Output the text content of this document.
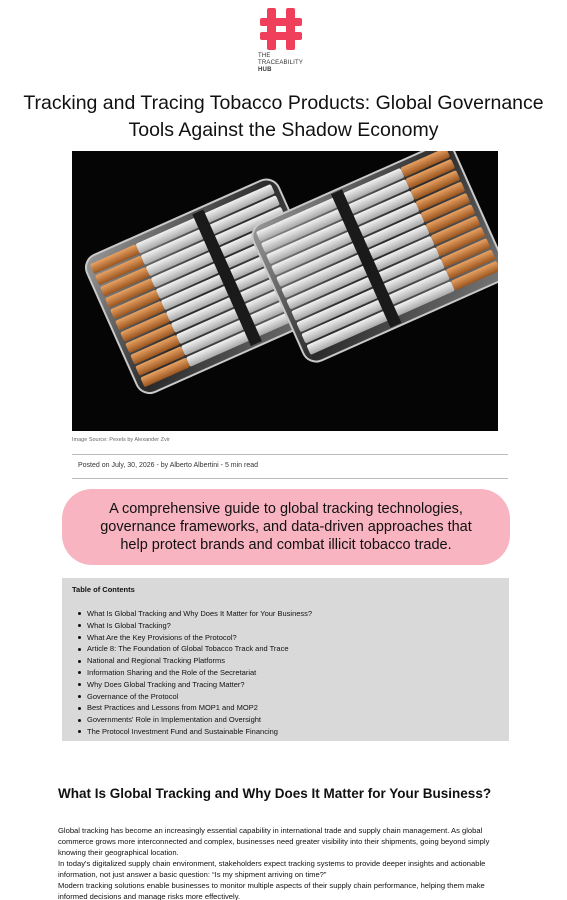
THE
TRACEABILITY
HUB
Tracking and Tracing Tobacco Products: Global Governance Tools Against the Shadow Economy
Image Source: Pexels by Alexander Zvir
Posted on July, 30, 2026 - by Alberto Albertini - 5 min read
A comprehensive guide to global tracking technologies, governance frameworks, and data-driven approaches that help protect brands and combat illicit tobacco trade.
Table of Contents
What Is Global Tracking and Why Does It Matter for Your Business?
What Is Global Tracking?
What Are the Key Provisions of the Protocol?
Article 8: The Foundation of Global Tobacco Track and Trace
National and Regional Tracking Platforms
Information Sharing and the Role of the Secretariat
Why Does Global Tracking and Tracing Matter?
Governance of the Protocol
Best Practices and Lessons from MOP1 and MOP2
Governments' Role in Implementation and Oversight
The Protocol Investment Fund and Sustainable Financing
What Is Global Tracking and Why Does It Matter for Your Business?

Global tracking has become an increasingly essential capability in international trade and supply chain management. As global commerce grows more interconnected and complex, businesses need greater visibility into their shipments, going beyond simply knowing their geographical location.

In today's digitalized supply chain environment, stakeholders expect tracking systems to provide deeper insights and actionable information, not just answer a basic question: “Is my shipment arriving on time?”

Modern tracking solutions enable businesses to monitor multiple aspects of their supply chain performance, helping them make informed decisions and manage risks more effectively.
